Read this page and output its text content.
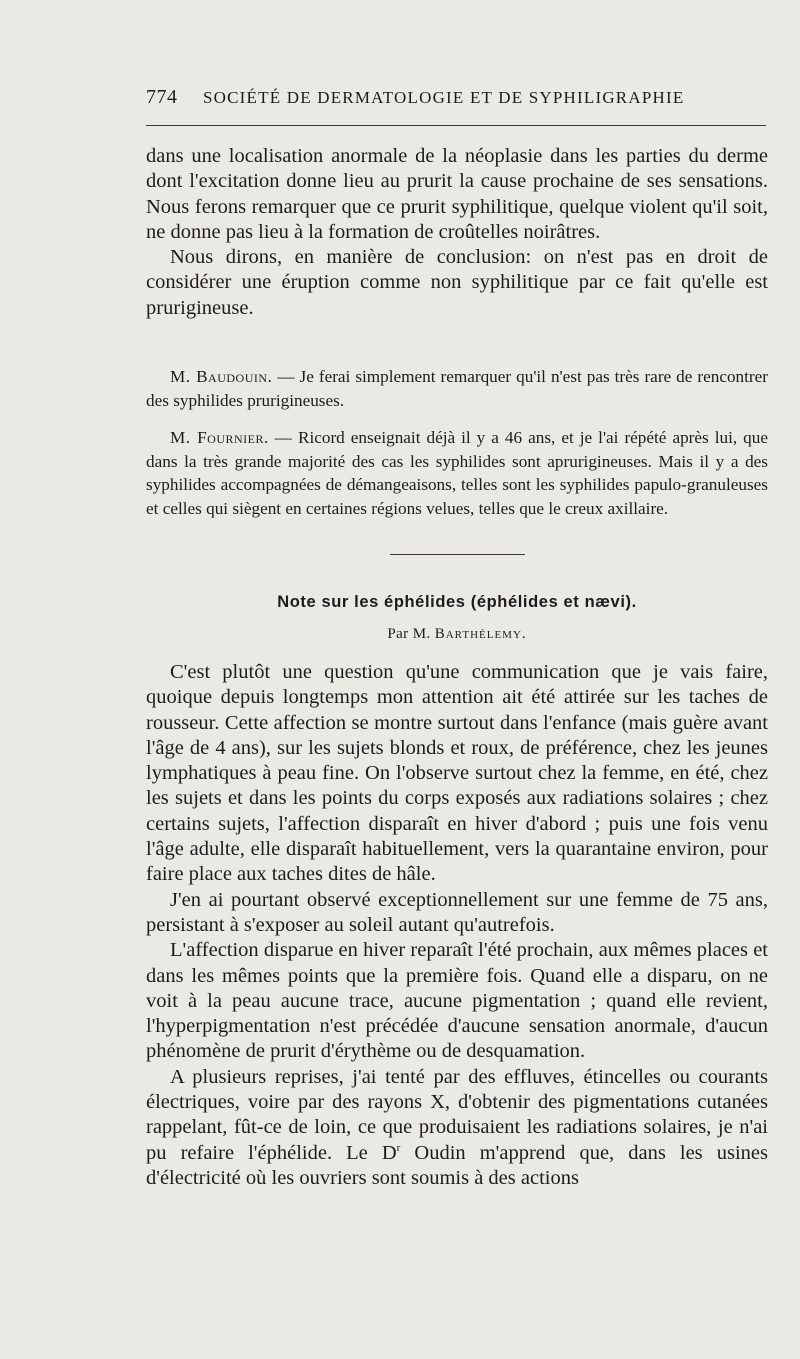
774 SOCIÉTÉ DE DERMATOLOGIE ET DE SYPHILIGRAPHIE

dans une localisation anormale de la néoplasie dans les parties du derme dont l'excitation donne lieu au prurit la cause prochaine de ses sensations. Nous ferons remarquer que ce prurit syphilitique, quelque violent qu'il soit, ne donne pas lieu à la formation de croûtelles noirâtres.

Nous dirons, en manière de conclusion: on n'est pas en droit de considérer une éruption comme non syphilitique par ce fait qu'elle est prurigineuse.

M. Baudouin. — Je ferai simplement remarquer qu'il n'est pas très rare de rencontrer des syphilides prurigineuses.

M. Fournier. — Ricord enseignait déjà il y a 46 ans, et je l'ai répété après lui, que dans la très grande majorité des cas les syphilides sont aprurigineuses. Mais il y a des syphilides accompagnées de démangeaisons, telles sont les syphilides papulo-granuleuses et celles qui siègent en certaines régions velues, telles que le creux axillaire.

Note sur les éphélides (éphélides et nævi).
Par M. Barthélemy.

C'est plutôt une question qu'une communication que je vais faire, quoique depuis longtemps mon attention ait été attirée sur les taches de rousseur. Cette affection se montre surtout dans l'enfance (mais guère avant l'âge de 4 ans), sur les sujets blonds et roux, de préférence, chez les jeunes lymphatiques à peau fine. On l'observe surtout chez la femme, en été, chez les sujets et dans les points du corps exposés aux radiations solaires ; chez certains sujets, l'affection disparaît en hiver d'abord ; puis une fois venu l'âge adulte, elle disparaît habituellement, vers la quarantaine environ, pour faire place aux taches dites de hâle.

J'en ai pourtant observé exceptionnellement sur une femme de 75 ans, persistant à s'exposer au soleil autant qu'autrefois.

L'affection disparue en hiver reparaît l'été prochain, aux mêmes places et dans les mêmes points que la première fois. Quand elle a disparu, on ne voit à la peau aucune trace, aucune pigmentation ; quand elle revient, l'hyperpigmentation n'est précédée d'aucune sensation anormale, d'aucun phénomène de prurit d'érythème ou de desquamation.

A plusieurs reprises, j'ai tenté par des effluves, étincelles ou courants électriques, voire par des rayons X, d'obtenir des pigmentations cutanées rappelant, fût-ce de loin, ce que produisaient les radiations solaires, je n'ai pu refaire l'éphélide. Le $D^r$ Oudin m'apprend que, dans les usines d'électricité où les ouvriers sont soumis à des actions
